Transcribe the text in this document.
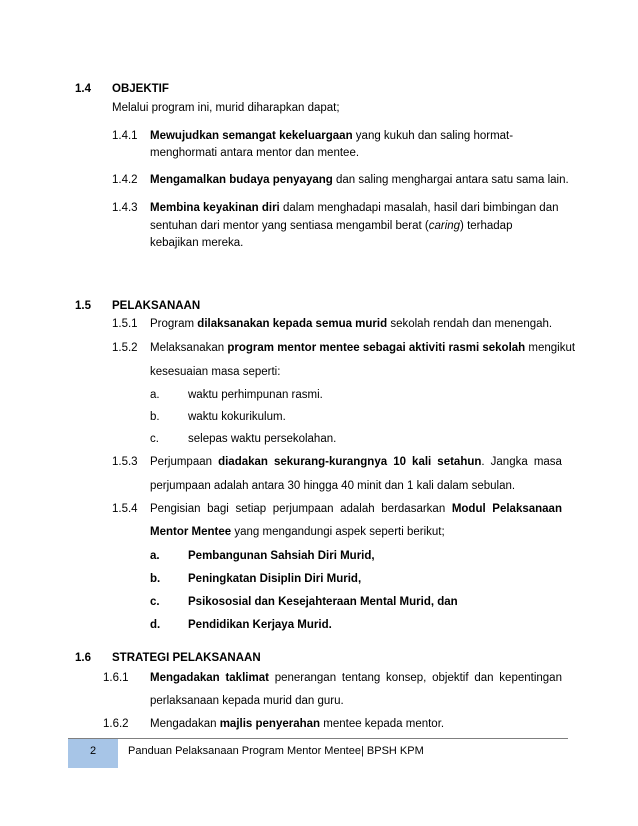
1.4 OBJEKTIF
Melalui program ini, murid diharapkan dapat;
1.4.1 Mewujudkan semangat kekeluargaan yang kukuh dan saling hormat-
menghormati antara mentor dan mentee.
1.4.2 Mengamalkan budaya penyayang dan saling menghargai antara satu sama lain.
1.4.3 Membina keyakinan diri dalam menghadapi masalah, hasil dari bimbingan dan
sentuhan dari mentor yang sentiasa mengambil berat (caring) terhadap
kebajikan mereka.
1.5 PELAKSANAAN
1.5.1 Program dilaksanakan kepada semua murid sekolah rendah dan menengah.
1.5.2 Melaksanakan program mentor mentee sebagai aktiviti rasmi sekolah mengikut
kesesuaian masa seperti:
a. waktu perhimpunan rasmi.
b. waktu kokurikulum.
c.	selepas waktu persekolahan.
1.5.3 Perjumpaan diadakan sekurang-kurangnya 10 kali setahun. Jangka masa
perjumpaan adalah antara 30 hingga 40 minit dan 1 kali dalam sebulan.
1.5.4 Pengisian bagi setiap perjumpaan adalah berdasarkan Modul Pelaksanaan
Mentor Mentee yang mengandungi aspek seperti berikut;
a. Pembangunan Sahsiah Diri Murid,
b. Peningkatan Disiplin Diri Murid,
c. Psikososial dan Kesejahteraan Mental Murid, dan
d. Pendidikan Kerjaya Murid.
1.6 STRATEGI PELAKSANAAN
1.6.1 Mengadakan taklimat penerangan tentang konsep, objektif dan kepentingan
perlaksanaan kepada murid dan guru.
1.6.2 Mengadakan majlis penyerahan mentee kepada mentor.
2	Panduan Pelaksanaan Program Mentor Mentee| BPSH KPM
